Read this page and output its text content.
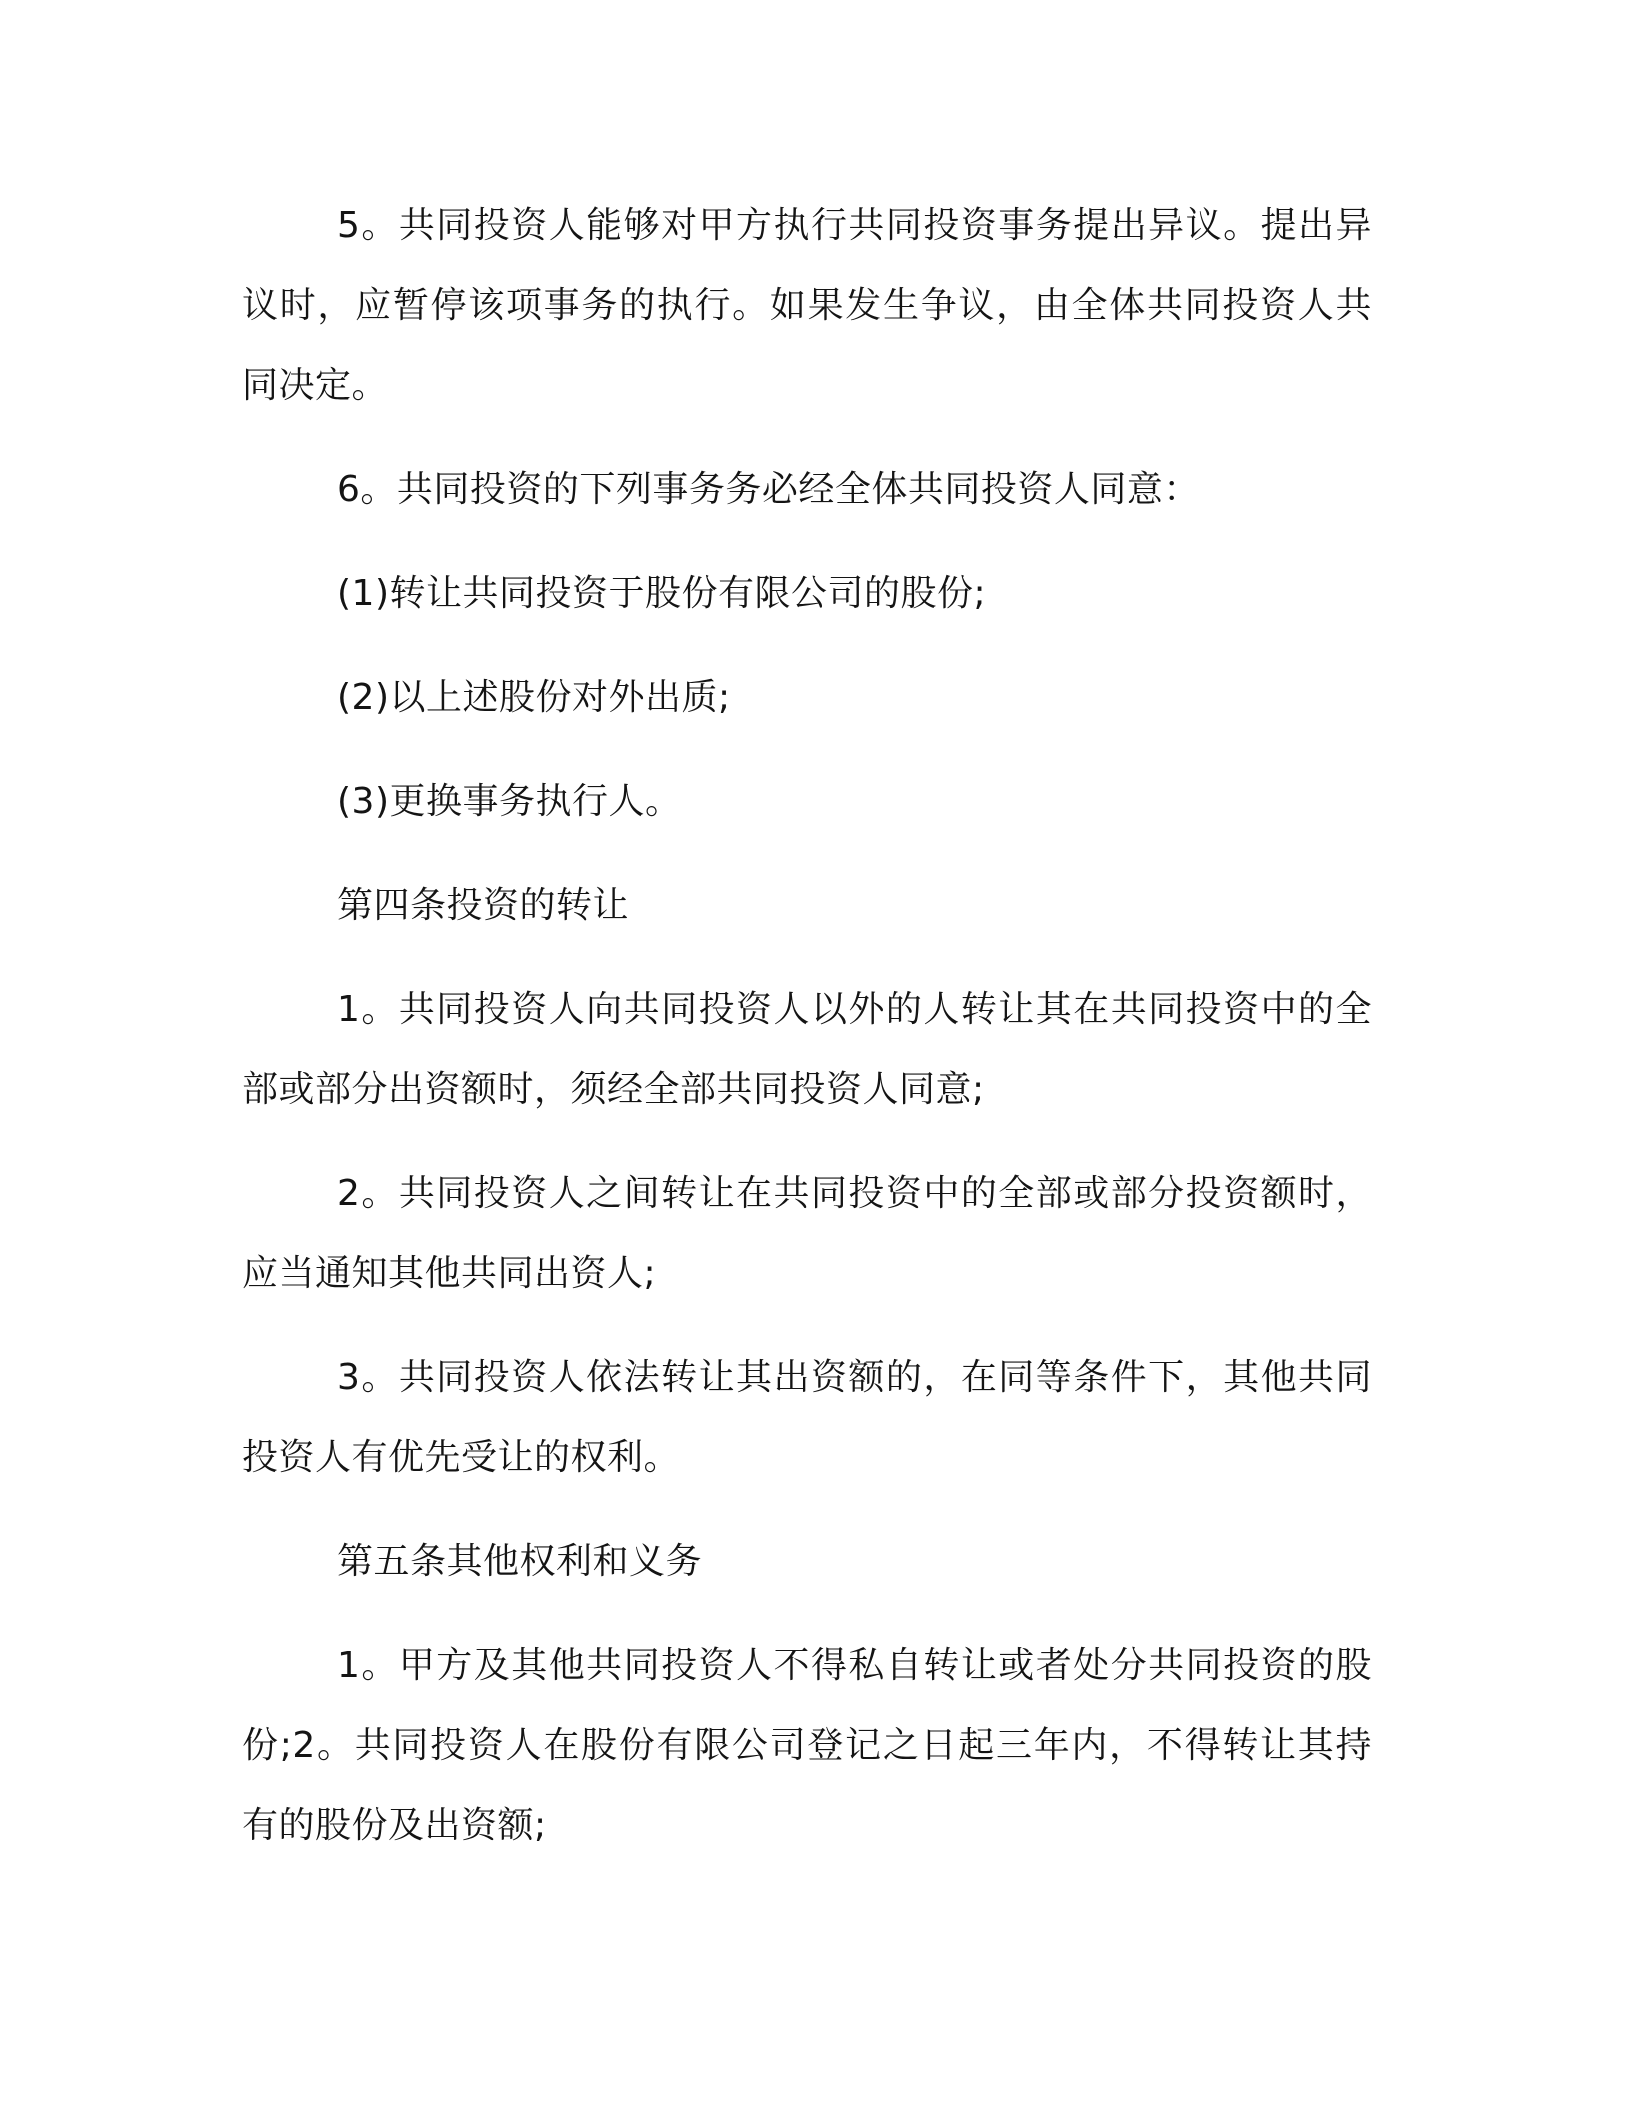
5。共同投资人能够对甲方执行共同投资事务提出异议。提出异议时，应暂停该项事务的执行。如果发生争议，由全体共同投资人共同决定。

6。共同投资的下列事务务必经全体共同投资人同意：

(1)转让共同投资于股份有限公司的股份;

(2)以上述股份对外出质;

(3)更换事务执行人。

第四条投资的转让

1。共同投资人向共同投资人以外的人转让其在共同投资中的全部或部分出资额时，须经全部共同投资人同意;

2。共同投资人之间转让在共同投资中的全部或部分投资额时，应当通知其他共同出资人;

3。共同投资人依法转让其出资额的，在同等条件下，其他共同投资人有优先受让的权利。

第五条其他权利和义务

1。甲方及其他共同投资人不得私自转让或者处分共同投资的股份;2。共同投资人在股份有限公司登记之日起三年内，不得转让其持有的股份及出资额;
